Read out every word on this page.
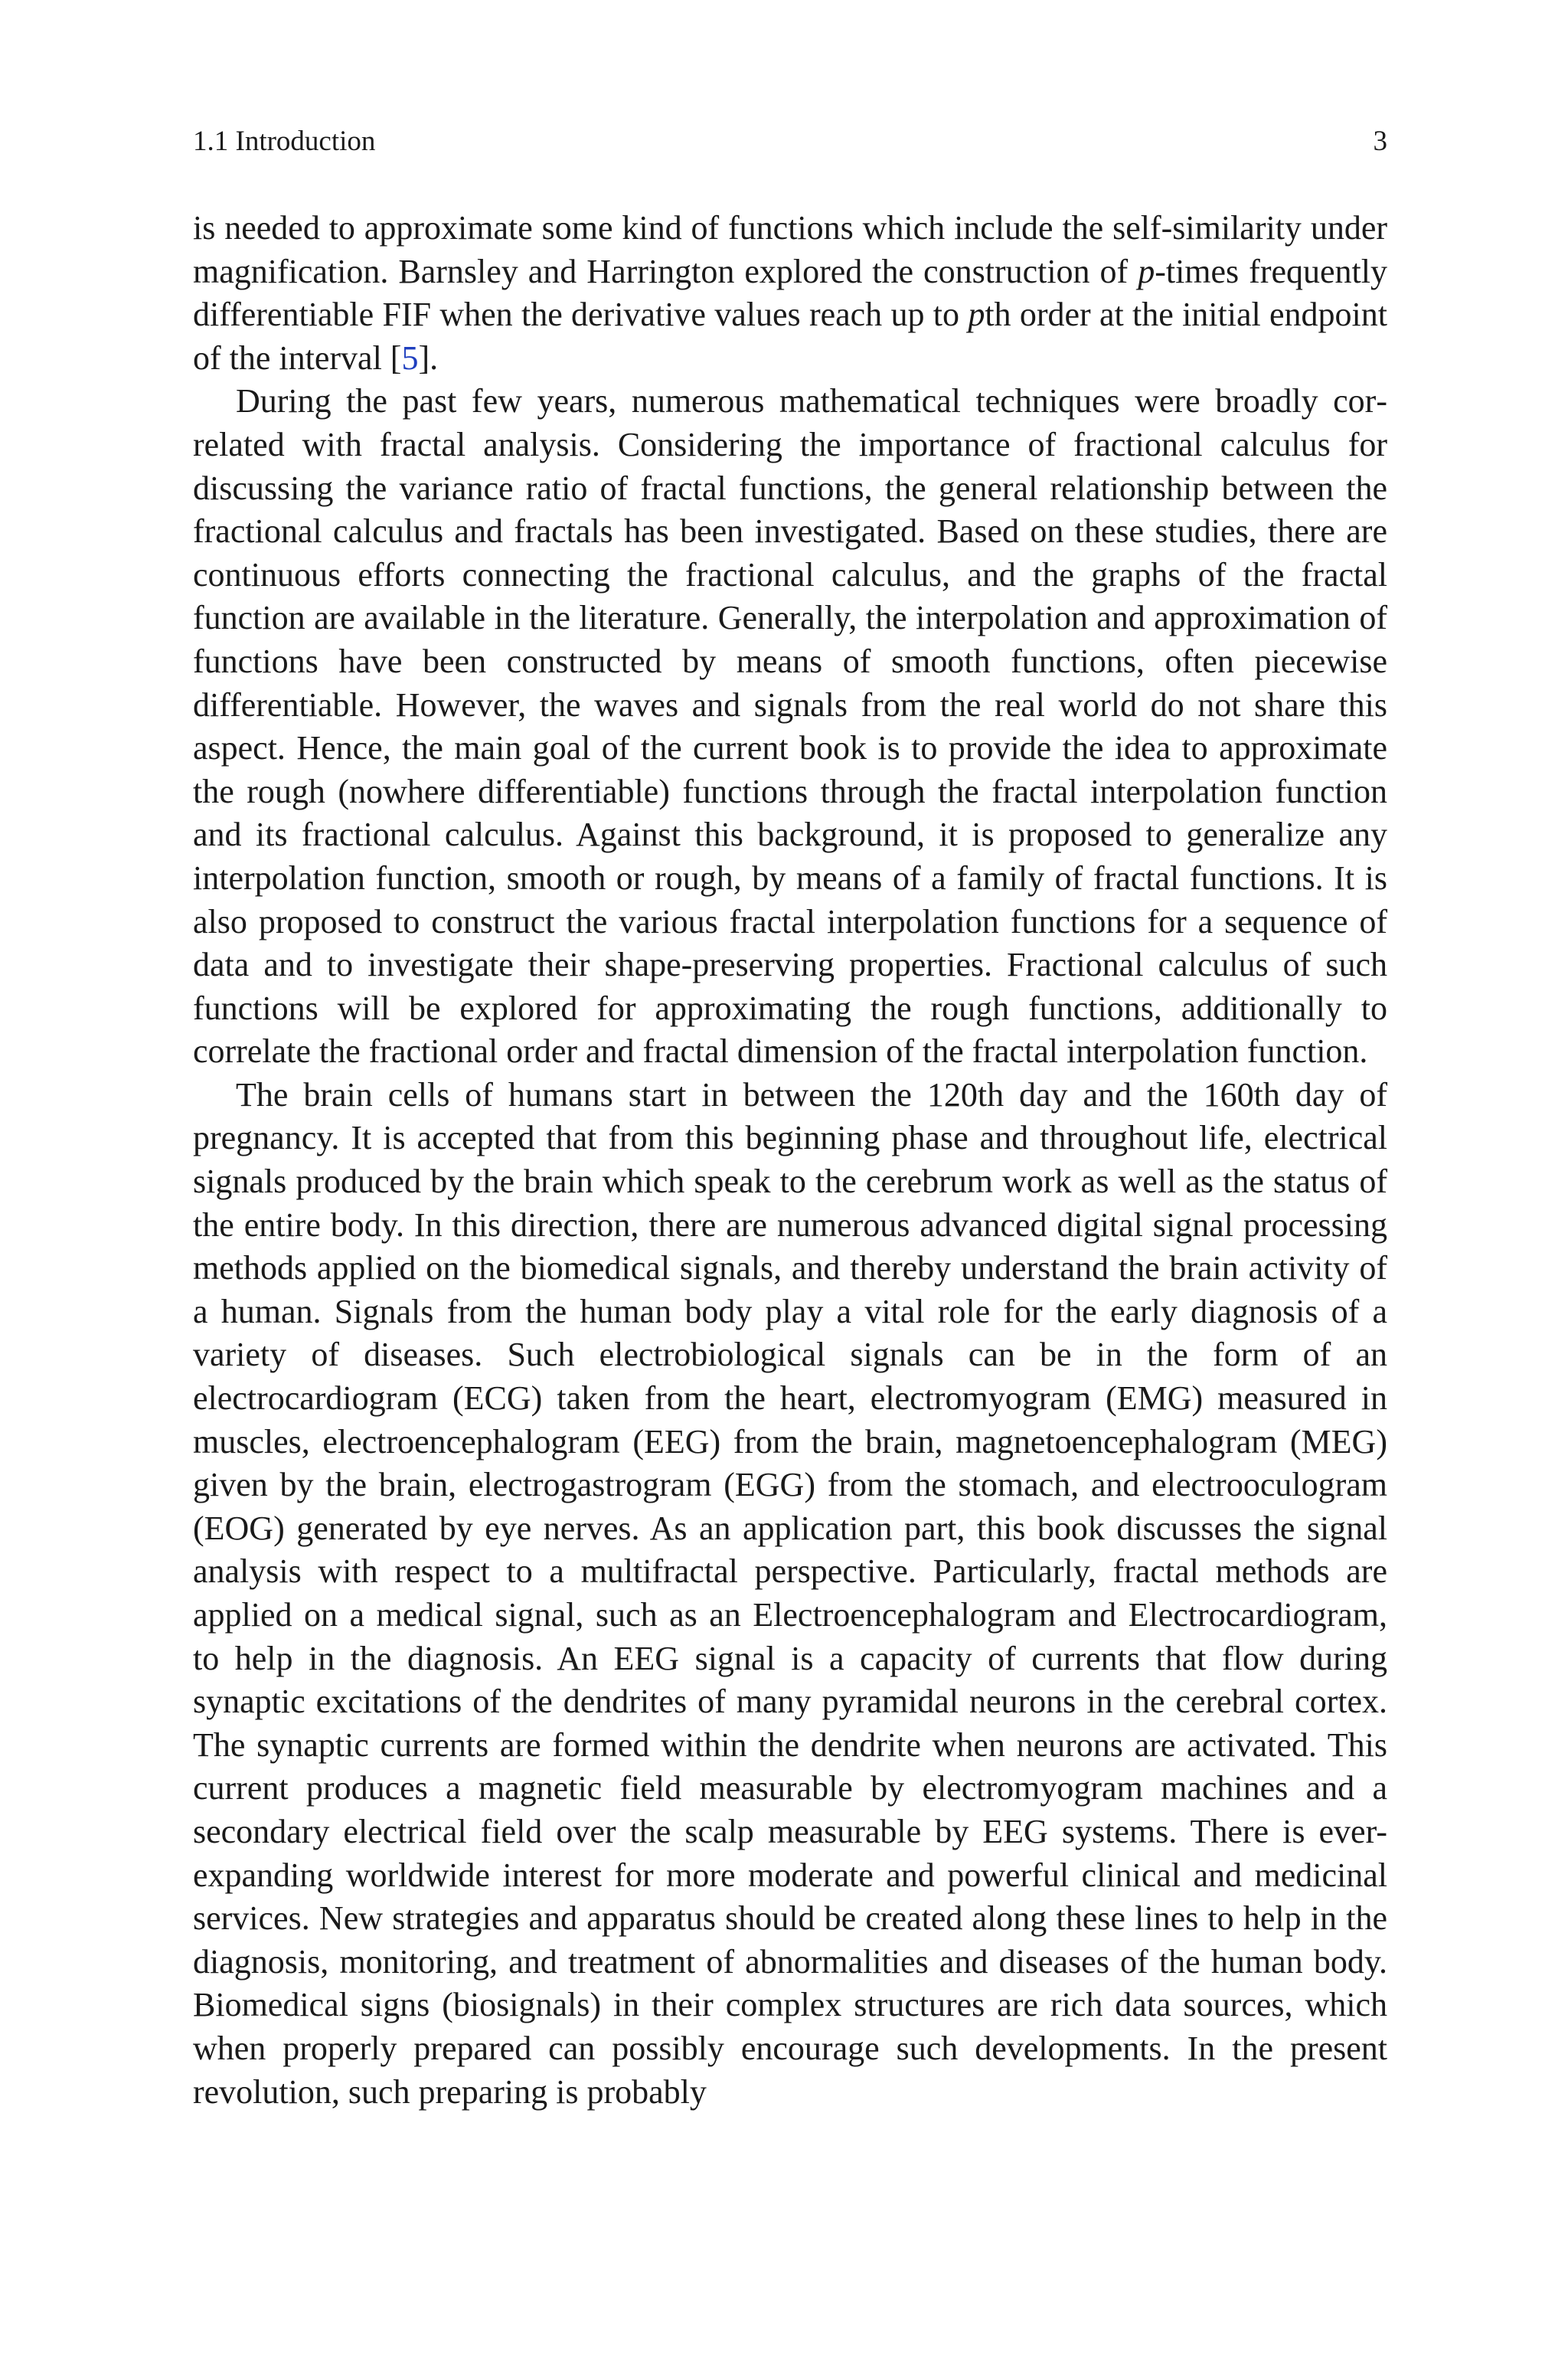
1.1 Introduction	3

is needed to approximate some kind of functions which include the self-similarity under magnification. Barnsley and Harrington explored the construction of p-times frequently differentiable FIF when the derivative values reach up to pth order at the initial endpoint of the interval [5].

During the past few years, numerous mathematical techniques were broadly correlated with fractal analysis. Considering the importance of fractional calculus for discussing the variance ratio of fractal functions, the general relationship between the fractional calculus and fractals has been investigated. Based on these studies, there are continuous efforts connecting the fractional calculus, and the graphs of the fractal function are available in the literature. Generally, the interpolation and approximation of functions have been constructed by means of smooth functions, often piecewise differentiable. However, the waves and signals from the real world do not share this aspect. Hence, the main goal of the current book is to provide the idea to approximate the rough (nowhere differentiable) functions through the fractal interpolation function and its fractional calculus. Against this background, it is proposed to generalize any interpolation function, smooth or rough, by means of a family of fractal functions. It is also proposed to construct the various fractal interpolation functions for a sequence of data and to investigate their shape-preserving properties. Fractional calculus of such functions will be explored for approximating the rough functions, additionally to correlate the fractional order and fractal dimension of the fractal interpolation function.

The brain cells of humans start in between the 120th day and the 160th day of pregnancy. It is accepted that from this beginning phase and throughout life, electrical signals produced by the brain which speak to the cerebrum work as well as the status of the entire body. In this direction, there are numerous advanced digital signal processing methods applied on the biomedical signals, and thereby understand the brain activity of a human. Signals from the human body play a vital role for the early diagnosis of a variety of diseases. Such electrobiological signals can be in the form of an electrocardiogram (ECG) taken from the heart, electromyogram (EMG) measured in muscles, electroencephalogram (EEG) from the brain, magnetoencephalogram (MEG) given by the brain, electrogastrogram (EGG) from the stomach, and electrooculogram (EOG) generated by eye nerves. As an application part, this book discusses the signal analysis with respect to a multifractal perspective. Particularly, fractal methods are applied on a medical signal, such as an Electroencephalogram and Electrocardiogram, to help in the diagnosis. An EEG signal is a capacity of currents that flow during synaptic excitations of the dendrites of many pyramidal neurons in the cerebral cortex. The synaptic currents are formed within the dendrite when neurons are activated. This current produces a magnetic field measurable by electromyogram machines and a secondary electrical field over the scalp measurable by EEG systems. There is ever-expanding worldwide interest for more moderate and powerful clinical and medicinal services. New strategies and apparatus should be created along these lines to help in the diagnosis, monitoring, and treatment of abnormalities and diseases of the human body. Biomedical signs (biosignals) in their complex structures are rich data sources, which when properly prepared can possibly encourage such developments. In the present revolution, such preparing is probably
